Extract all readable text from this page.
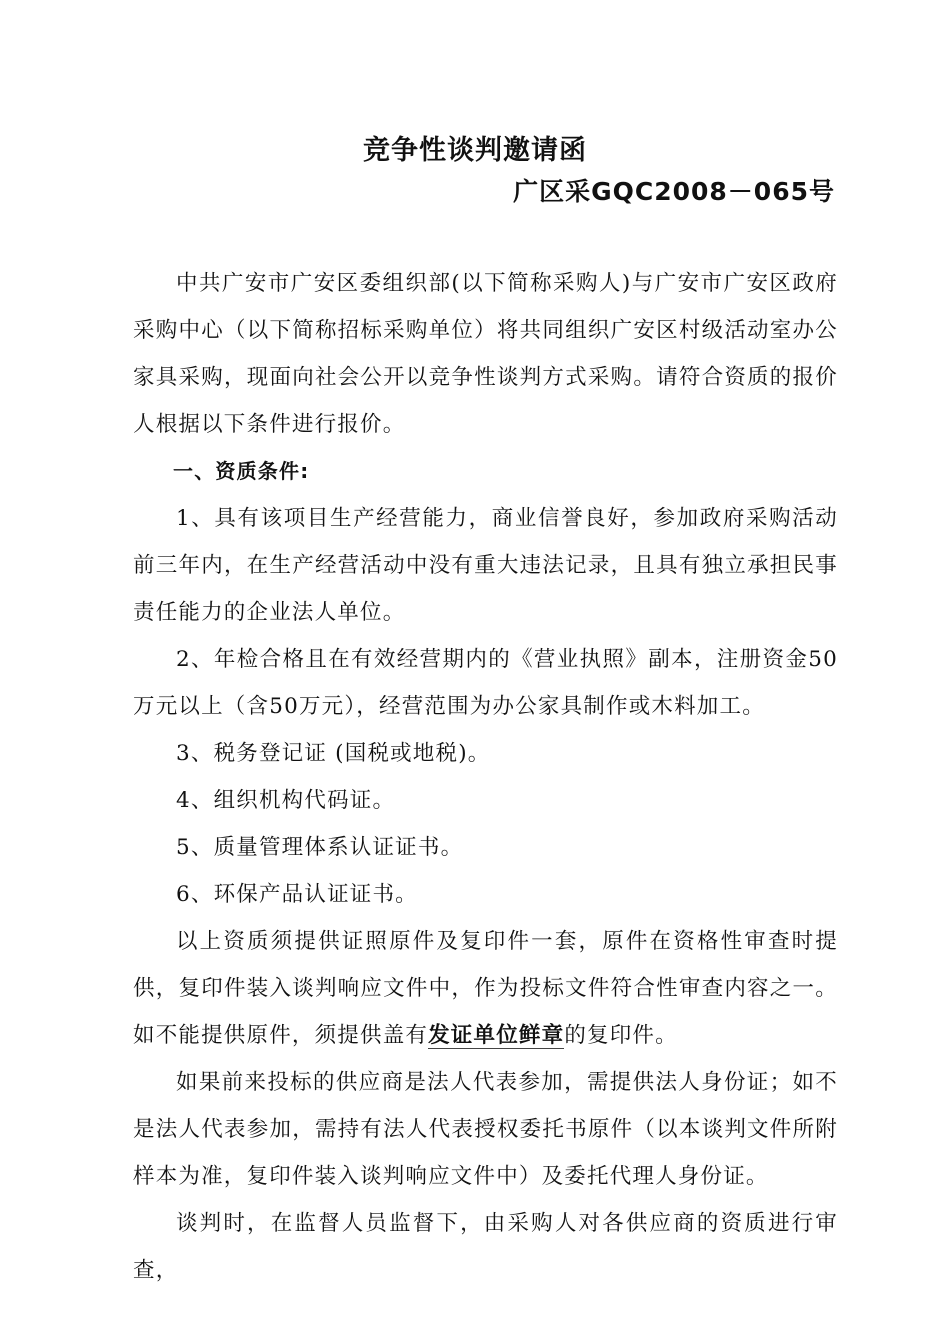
竞争性谈判邀请函
广区采GQC2008－065号

中共广安市广安区委组织部(以下简称采购人)与广安市广安区政府采购中心（以下简称招标采购单位）将共同组织广安区村级活动室办公家具采购，现面向社会公开以竞争性谈判方式采购。请符合资质的报价人根据以下条件进行报价。

一、资质条件:

1、具有该项目生产经营能力，商业信誉良好，参加政府采购活动前三年内，在生产经营活动中没有重大违法记录，且具有独立承担民事责任能力的企业法人单位。

2、年检合格且在有效经营期内的《营业执照》副本，注册资金50万元以上（含50万元），经营范围为办公家具制作或木料加工。

3、税务登记证 (国税或地税)。

4、组织机构代码证。

5、质量管理体系认证证书。

6、环保产品认证证书。

以上资质须提供证照原件及复印件一套，原件在资格性审查时提供，复印件装入谈判响应文件中，作为投标文件符合性审查内容之一。如不能提供原件，须提供盖有发证单位鲜章的复印件。

如果前来投标的供应商是法人代表参加，需提供法人身份证；如不是法人代表参加，需持有法人代表授权委托书原件（以本谈判文件所附样本为准，复印件装入谈判响应文件中）及委托代理人身份证。

谈判时，在监督人员监督下，由采购人对各供应商的资质进行审查，
